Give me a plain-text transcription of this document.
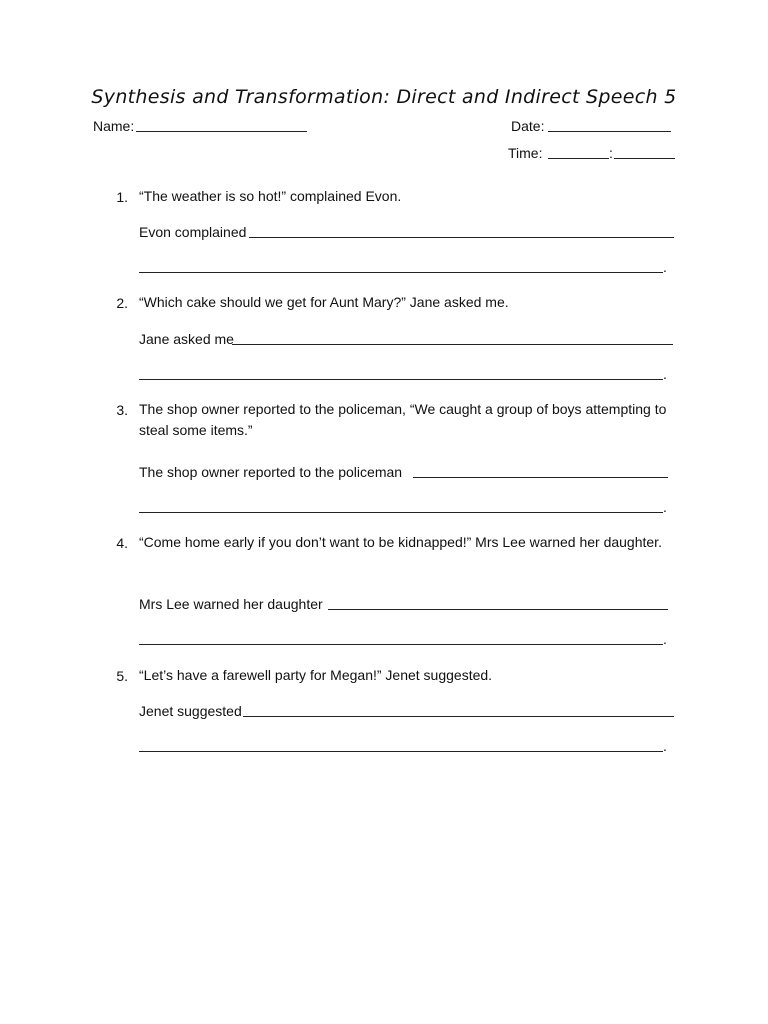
Synthesis and Transformation: Direct and Indirect Speech 5
Name:	Date:
Time:	:
1. “The weather is so hot!” complained Evon.
Evon complained
.
2. “Which cake should we get for Aunt Mary?” Jane asked me.
Jane asked me
.
3. The shop owner reported to the policeman, “We caught a group of boys attempting to steal some items.”
The shop owner reported to the policeman
.
4. “Come home early if you don’t want to be kidnapped!” Mrs Lee warned her daughter.
Mrs Lee warned her daughter
.
5. “Let’s have a farewell party for Megan!” Jenet suggested.
Jenet suggested
.
